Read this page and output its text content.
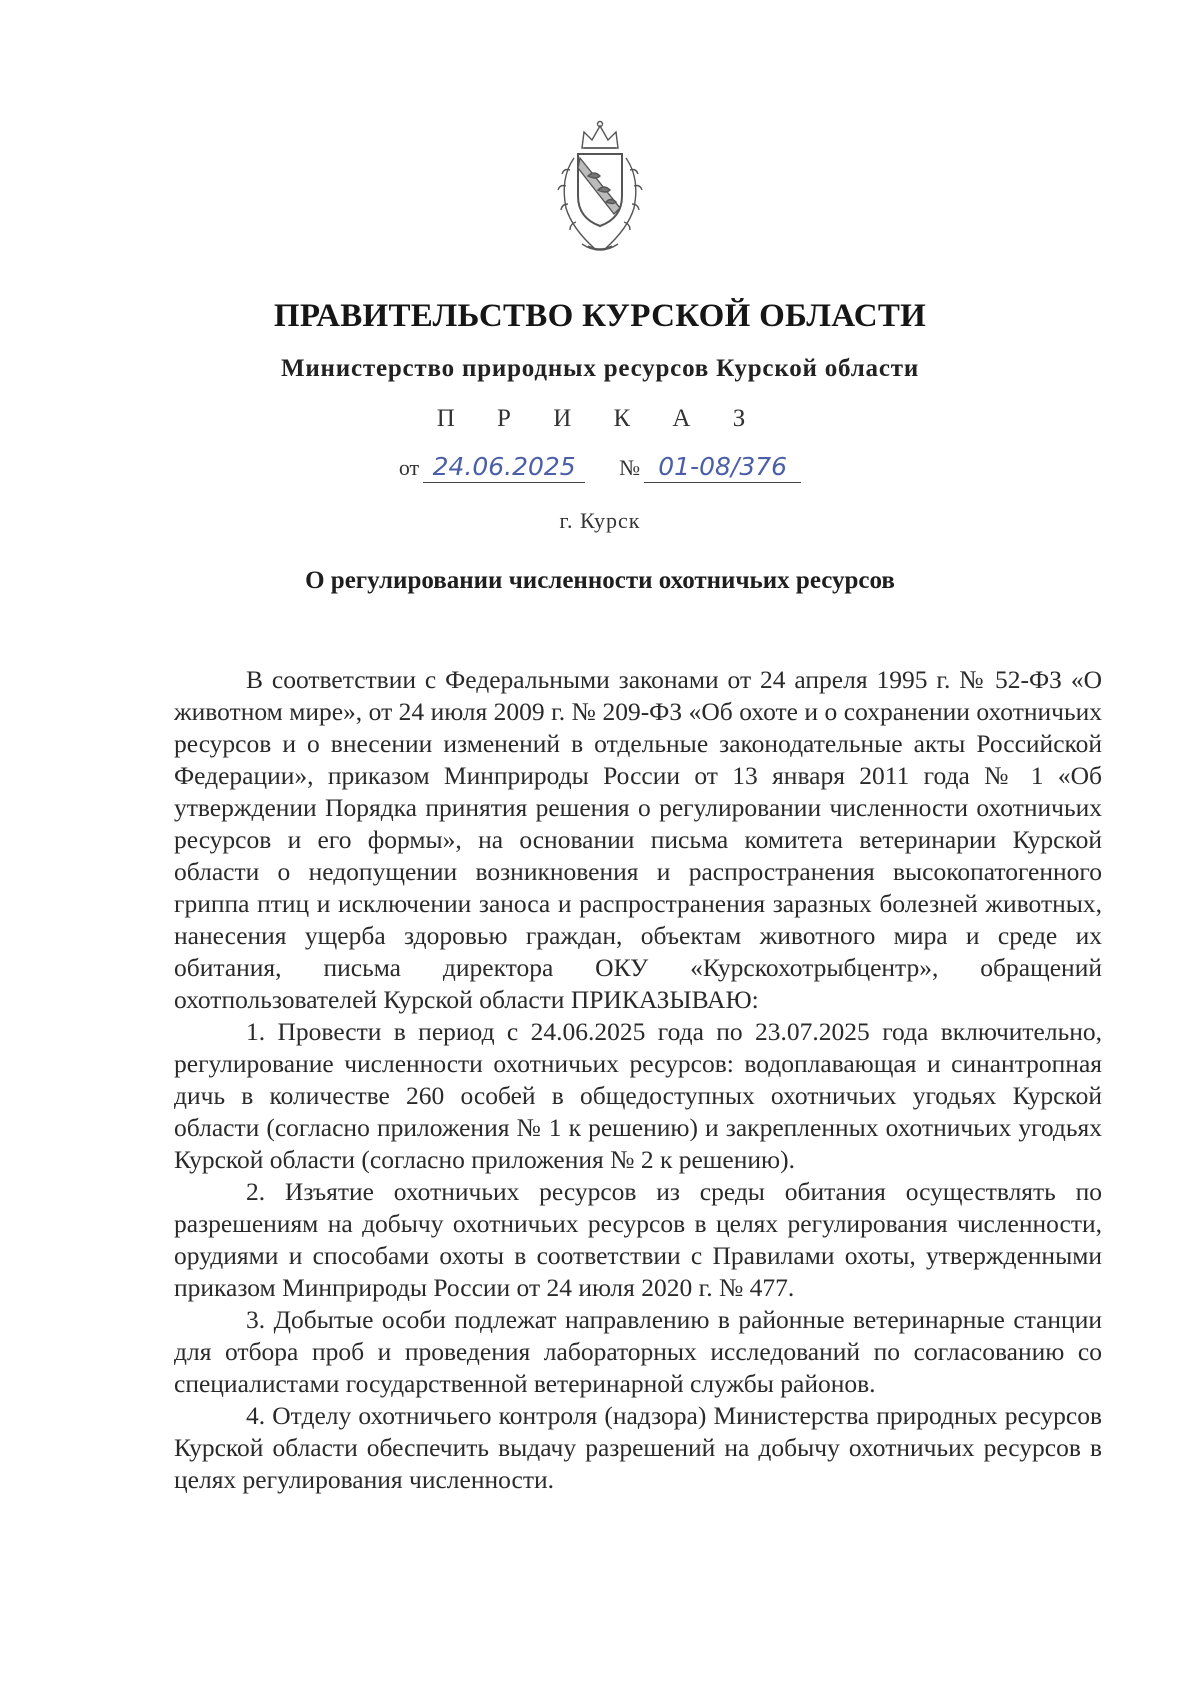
ПРАВИТЕЛЬСТВО КУРСКОЙ ОБЛАСТИ
Министерство природных ресурсов Курской области
П Р И К А З
от 24.06.2025 № 01-08/376
г. Курск
О регулировании численности охотничьих ресурсов

В соответствии с Федеральными законами от 24 апреля 1995 г. № 52-ФЗ «О животном мире», от 24 июля 2009 г. № 209-ФЗ «Об охоте и о сохранении охотничьих ресурсов и о внесении изменений в отдельные законодательные акты Российской Федерации», приказом Минприроды России от 13 января 2011 года № 1 «Об утверждении Порядка принятия решения о регулировании численности охотничьих ресурсов и его формы», на основании письма комитета ветеринарии Курской области о недопущении возникновения и распространения высокопатогенного гриппа птиц и исключении заноса и распространения заразных болезней животных, нанесения ущерба здоровью граждан, объектам животного мира и среде их обитания, письма директора ОКУ «Курскохотрыбцентр», обращений охотпользователей Курской области ПРИКАЗЫВАЮ:

1. Провести в период с 24.06.2025 года по 23.07.2025 года включительно, регулирование численности охотничьих ресурсов: водоплавающая и синантропная дичь в количестве 260 особей в общедоступных охотничьих угодьях Курской области (согласно приложения № 1 к решению) и закрепленных охотничьих угодьях Курской области (согласно приложения № 2 к решению).

2. Изъятие охотничьих ресурсов из среды обитания осуществлять по разрешениям на добычу охотничьих ресурсов в целях регулирования численности, орудиями и способами охоты в соответствии с Правилами охоты, утвержденными приказом Минприроды России от 24 июля 2020 г. № 477.

3. Добытые особи подлежат направлению в районные ветеринарные станции для отбора проб и проведения лабораторных исследований по согласованию со специалистами государственной ветеринарной службы районов.

4. Отделу охотничьего контроля (надзора) Министерства природных ресурсов Курской области обеспечить выдачу разрешений на добычу охотничьих ресурсов в целях регулирования численности.
